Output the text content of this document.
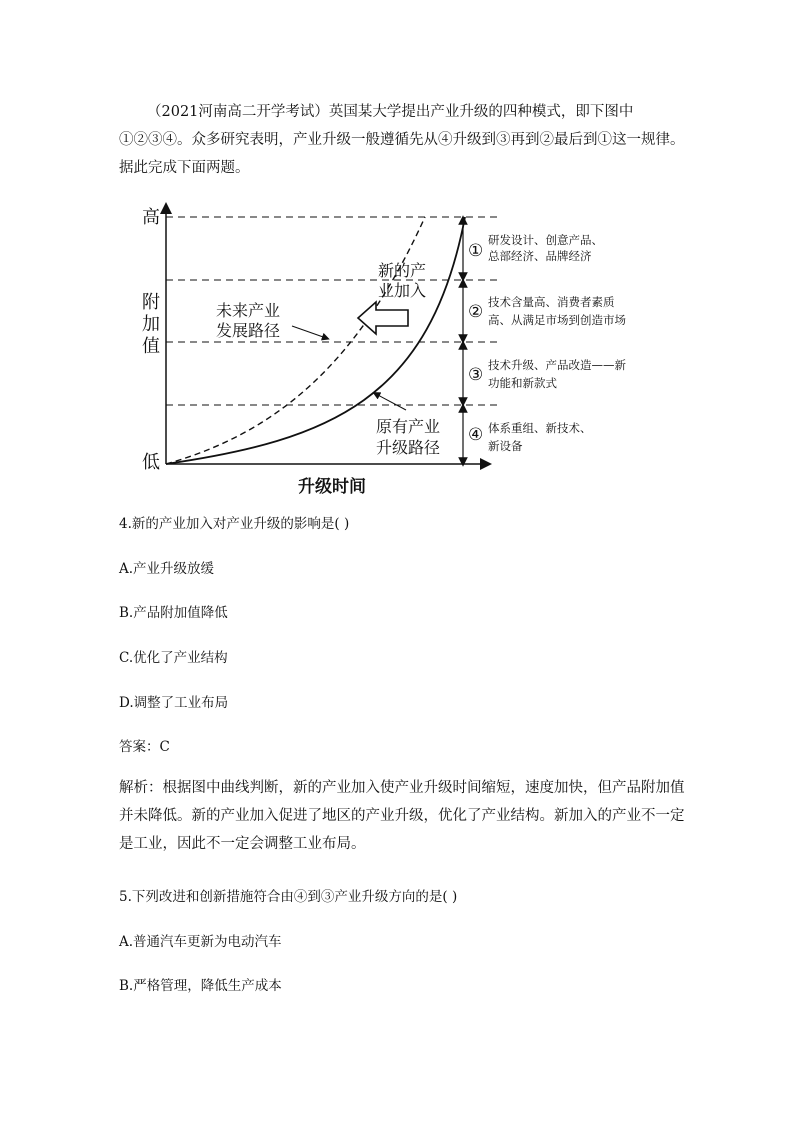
（2021河南高二开学考试）英国某大学提出产业升级的四种模式，即下图中①②③④。众多研究表明，产业升级一般遵循先从④升级到③再到②最后到①这一规律。据此完成下面两题。
高
附
加
值
低
升级时间
新的产
业加入
未来产业
发展路径
原有产业
升级路径
①
研发设计、创意产品、
总部经济、品牌经济
② 技术含量高、消费者素质
高、从满足市场到创造市场
③ 技术升级、产品改造——新
功能和新款式
④ 体系重组、新技术、
新设备
4.新的产业加入对产业升级的影响是( )
A.产业升级放缓
B.产品附加值降低
C.优化了产业结构
D.调整了工业布局
答案：C
解析：根据图中曲线判断，新的产业加入使产业升级时间缩短，速度加快，但产品附加值并未降低。新的产业加入促进了地区的产业升级，优化了产业结构。新加入的产业不一定是工业，因此不一定会调整工业布局。
5.下列改进和创新措施符合由④到③产业升级方向的是( )
A.普通汽车更新为电动汽车
B.严格管理，降低生产成本
